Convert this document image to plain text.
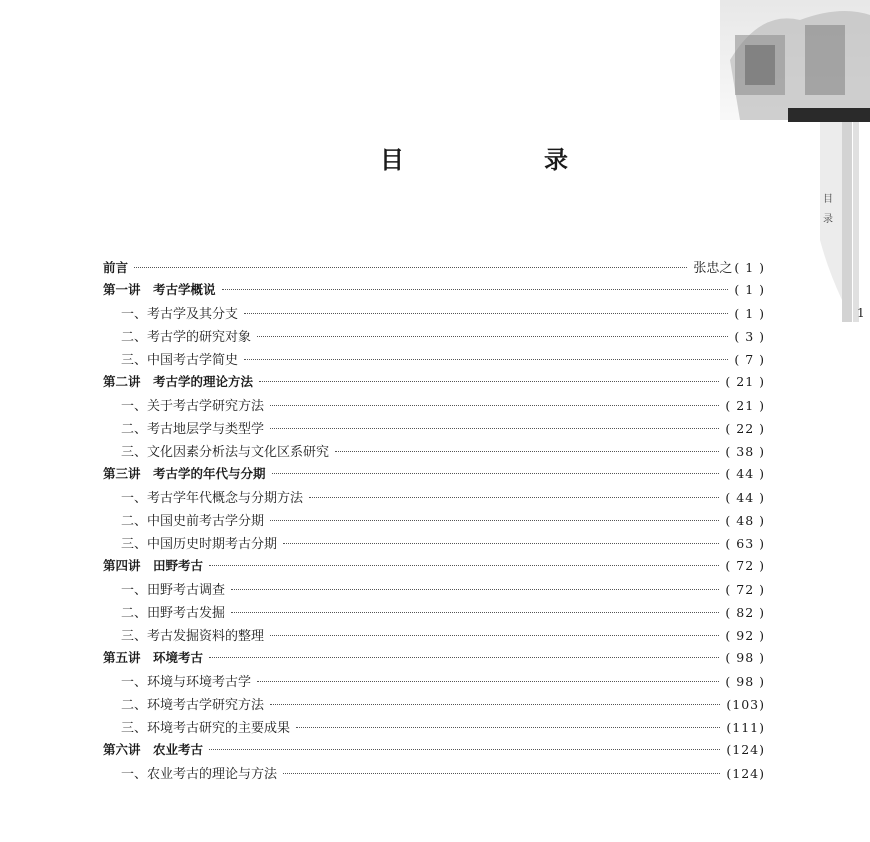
目
录
1
目　录
前言	张忠之 ( 1 )
第一讲　考古学概说	( 1 )
一、考古学及其分支	( 1 )
二、考古学的研究对象	( 3 )
三、中国考古学简史	( 7 )
第二讲　考古学的理论方法	( 21 )
一、关于考古学研究方法	( 21 )
二、考古地层学与类型学	( 22 )
三、文化因素分析法与文化区系研究	( 38 )
第三讲　考古学的年代与分期	( 44 )
一、考古学年代概念与分期方法	( 44 )
二、中国史前考古学分期	( 48 )
三、中国历史时期考古分期	( 63 )
第四讲　田野考古	( 72 )
一、田野考古调查	( 72 )
二、田野考古发掘	( 82 )
三、考古发掘资料的整理	( 92 )
第五讲　环境考古	( 98 )
一、环境与环境考古学	( 98 )
二、环境考古学研究方法	(103)
三、环境考古研究的主要成果	(111)
第六讲　农业考古	(124)
一、农业考古的理论与方法	(124)
